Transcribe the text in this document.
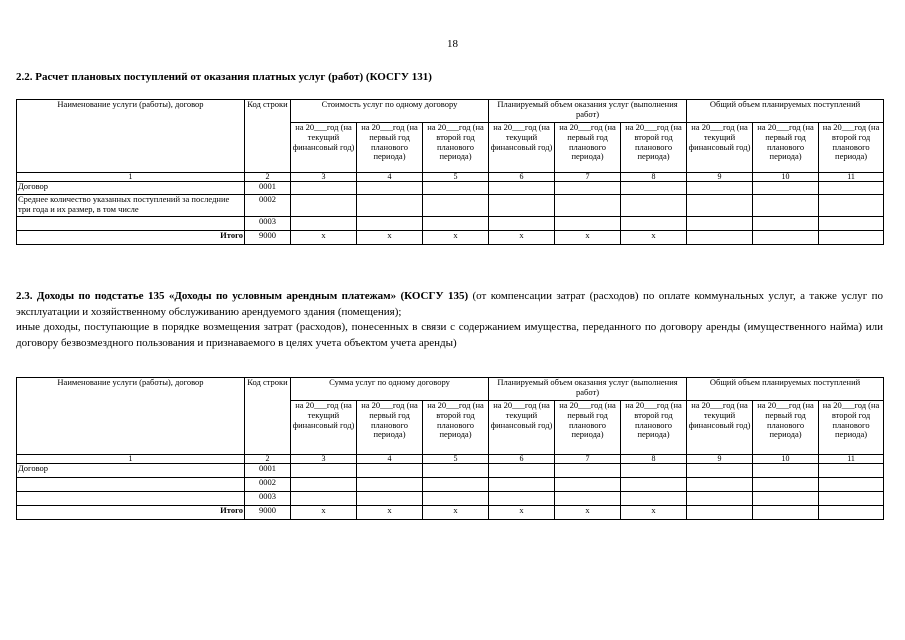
18
2.2. Расчет плановых поступлений от оказания платных услуг (работ) (КОСГУ 131)
Наименование услуги (работы), договор	Код строки	Стоимость услуг по одному договору			Планируемый объем оказания услуг (выполнения работ)			Общий объем планируемых поступлений		
		на 20___год (на текущий финансовый год)	на 20___год (на первый год планового периода)	на 20___год (на второй год планового периода)	на 20___год (на текущий финансовый год)	на 20___год (на первый год планового периода)	на 20___год (на второй год планового периода)	на 20___год (на текущий финансовый год)	на 20___год (на первый год планового периода)	на 20___год (на второй год планового периода)
1	2	3	4	5	6	7	8	9	10	11
Договор	0001									
Среднее количество указанных поступлений за последние три года и их размер, в том числе	0002									
	0003									
Итого	9000	x	x	x	x	x	x			
2.3. Доходы по подстатье 135 «Доходы по условным арендным платежам» (КОСГУ 135) (от компенсации затрат (расходов) по оплате коммунальных услуг, а также услуг по эксплуатации и хозяйственному обслуживанию арендуемого здания (помещения);
иные доходы, поступающие в порядке возмещения затрат (расходов), понесенных в связи с содержанием имущества, переданного по договору аренды (имущественного найма) или договору безвозмездного пользования и признаваемого в целях учета объектом учета аренды)
Наименование услуги (работы), договор	Код строки	Сумма услуг по одному договору			Планируемый объем оказания услуг (выполнения работ)			Общий объем планируемых поступлений		
		на 20___год (на текущий финансовый год)	на 20___год (на первый год планового периода)	на 20___год (на второй год планового периода)	на 20___год (на текущий финансовый год)	на 20___год (на первый год планового периода)	на 20___год (на второй год планового периода)	на 20___год (на текущий финансовый год)	на 20___год (на первый год планового периода)	на 20___год (на второй год планового периода)
1	2	3	4	5	6	7	8	9	10	11
Договор	0001									
	0002									
	0003									
Итого	9000	x	x	x	x	x	x			
